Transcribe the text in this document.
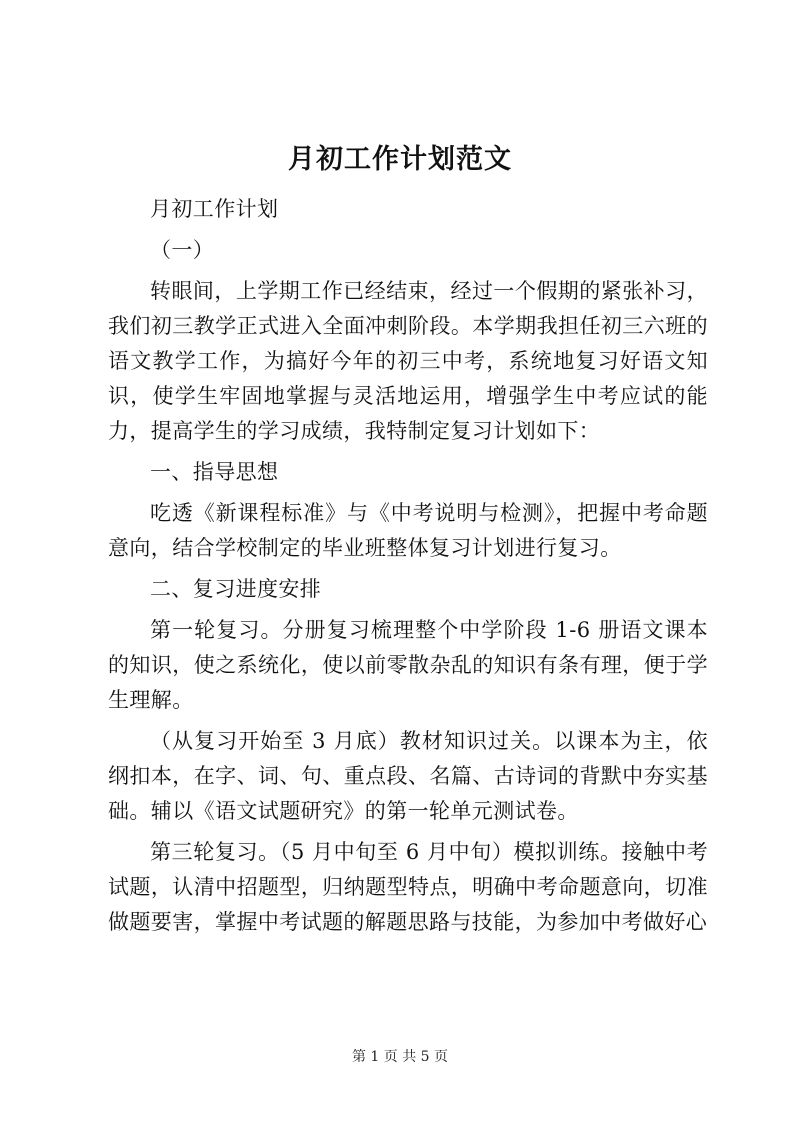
月初工作计划范文

月初工作计划

（一）

转眼间，上学期工作已经结束，经过一个假期的紧张补习，我们初三教学正式进入全面冲刺阶段。本学期我担任初三六班的语文教学工作，为搞好今年的初三中考，系统地复习好语文知识，使学生牢固地掌握与灵活地运用，增强学生中考应试的能力，提高学生的学习成绩，我特制定复习计划如下：

一、指导思想

吃透《新课程标准》与《中考说明与检测》，把握中考命题意向，结合学校制定的毕业班整体复习计划进行复习。

二、复习进度安排

第一轮复习。分册复习梳理整个中学阶段 1-6 册语文课本的知识，使之系统化，使以前零散杂乱的知识有条有理，便于学生理解。

（从复习开始至 3 月底）教材知识过关。以课本为主，依纲扣本，在字、词、句、重点段、名篇、古诗词的背默中夯实基础。辅以《语文试题研究》的第一轮单元测试卷。

第三轮复习。（5 月中旬至 6 月中旬）模拟训练。接触中考试题，认清中招题型，归纳题型特点，明确中考命题意向，切准做题要害，掌握中考试题的解题思路与技能，为参加中考做好心

第 1 页 共 5 页
